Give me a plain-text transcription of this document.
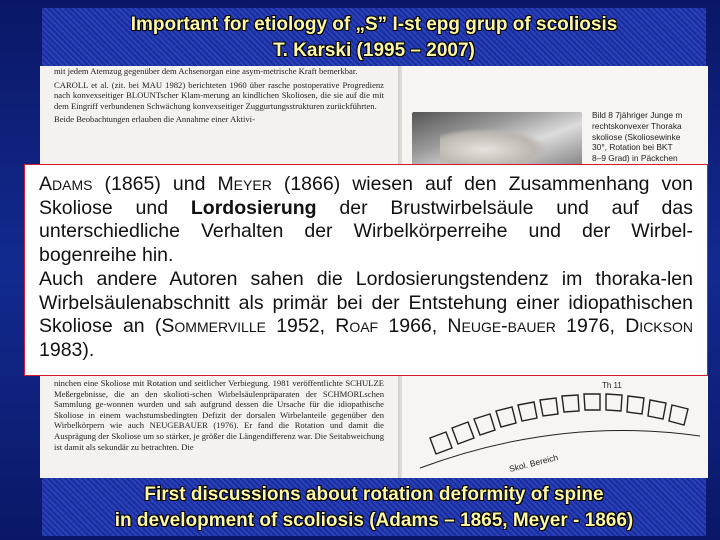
mit jedem Atemzug gegenüber dem Achsenorgan eine asym-metrische Kraft bemerkbar.

CAROLL et al. (zit. bei MAU 1982) berichteten 1960 über rasche postoperative Progredienz nach konvexseitiger BLOUNTscher Klam-merung an kindlichen Skoliosen, die sie auf die mit dem Eingriff verbundenen Schwächung konvexseitiger Zuggurtungsstrukturen zurückführten.

Beide Beobachtungen erlauben die Annahme einer Aktivi-

ninchen eine Skoliose mit Rotation und seitlicher Verbiegung. 1981 veröffentlichte SCHULZE Meßergebnisse, die an den skolioti-schen Wirbelsäulenpräparaten der SCHMORLschen Sammlung ge-wonnen wurden und sah aufgrund dessen die Ursache für die idiopathische Skoliose in einem wachstumsbedingten Defizit der dorsalen Wirbelanteile gegenüber den Wirbelkörpern wie auch NEUGEBAUER (1976). Er fand die Rotation und damit die Ausprägung der Skoliose um so stärker, je größer die Längendifferenz war. Die Seitabweichung ist damit als sekundär zu betrachten. Die

Bild 8 7jähriger Junge m
rechtskonvexer Thoraka
skoliose (Skoliosewinke
30°, Rotation bei BKT
8–9 Grad) in Päckchen
Th 11
Skol. Bereich

Adams (1865) und Meyer (1866) wiesen auf den Zusammenhang von Skoliose und Lordosierung der Brustwirbelsäule und auf das unterschiedliche Verhalten der Wirbelkörperreihe und der Wirbel-bogenreihe hin.

Auch andere Autoren sahen die Lordosierungstendenz im thoraka-len Wirbelsäulenabschnitt als primär bei der Entstehung einer idiopathischen Skoliose an (Sommerville 1952, Roaf 1966, Neuge-bauer 1976, Dickson 1983).

Important for etiology of „S” I-st epg grup of scoliosis
T. Karski (1995 – 2007)
First discussions about rotation deformity of spine
in development of scoliosis (Adams – 1865, Meyer - 1866)
